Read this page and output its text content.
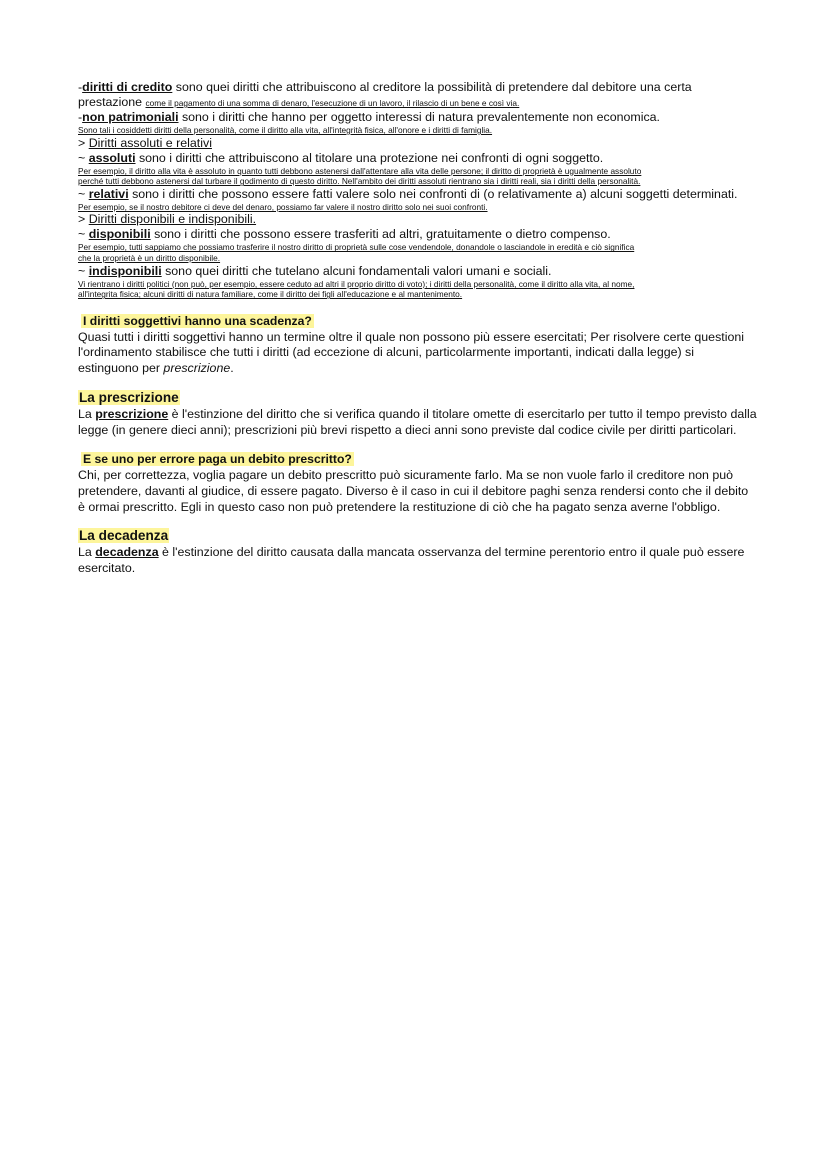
-diritti di credito sono quei diritti che attribuiscono al creditore la possibilità di pretendere dal debitore una certa

prestazione come il pagamento di una somma di denaro, l'esecuzione di un lavoro, il rilascio di un bene e così via.

-non patrimoniali sono i diritti che hanno per oggetto interessi di natura prevalentemente non economica.

Sono tali i cosiddetti diritti della personalità, come il diritto alla vita, all'integrità fisica, all'onore e i diritti di famiglia.

> Diritti assoluti e relativi

~ assoluti sono i diritti che attribuiscono al titolare una protezione nei confronti di ogni soggetto.

Per esempio, il diritto alla vita è assoluto in quanto tutti debbono astenersi dall'attentare alla vita delle persone; il diritto di proprietà è ugualmente assoluto

perché tutti debbono astenersi dal turbare il godimento di questo diritto. Nell'ambito dei diritti assoluti rientrano sia i diritti reali, sia i diritti della personalità.

~ relativi sono i diritti che possono essere fatti valere solo nei confronti di (o relativamente a) alcuni soggetti determinati.

Per esempio, se il nostro debitore ci deve del denaro, possiamo far valere il nostro diritto solo nei suoi confronti.

> Diritti disponibili e indisponibili.

~ disponibili sono i diritti che possono essere trasferiti ad altri, gratuitamente o dietro compenso.

Per esempio, tutti sappiamo che possiamo trasferire il nostro diritto di proprietà sulle cose vendendole, donandole o lasciandole in eredità e ciò significa

che la proprietà è un diritto disponibile.

~ indisponibili sono quei diritti che tutelano alcuni fondamentali valori umani e sociali.

Vi rientrano i diritti politici (non può, per esempio, essere ceduto ad altri il proprio diritto di voto); i diritti della personalità, come il diritto alla vita, al nome,

all'integrita fisica; alcuni diritti di natura familiare, come il diritto dei figli all'educazione e al mantenimento.

I diritti soggettivi hanno una scadenza?

Quasi tutti i diritti soggettivi hanno un termine oltre il quale non possono più essere esercitati; Per risolvere certe questioni l'ordinamento stabilisce che tutti i diritti (ad eccezione di alcuni, particolarmente importanti, indicati dalla legge) si estinguono per prescrizione.

La prescrizione

La prescrizione è l'estinzione del diritto che si verifica quando il titolare omette di esercitarlo per tutto il tempo previsto dalla legge (in genere dieci anni); prescrizioni più brevi rispetto a dieci anni sono previste dal codice civile per diritti particolari.

E se uno per errore paga un debito prescritto?

Chi, per correttezza, voglia pagare un debito prescritto può sicuramente farlo. Ma se non vuole farlo il creditore non può pretendere, davanti al giudice, di essere pagato. Diverso è il caso in cui il debitore paghi senza rendersi conto che il debito è ormai prescritto. Egli in questo caso non può pretendere la restituzione di ciò che ha pagato senza averne l'obbligo.

La decadenza

La decadenza è l'estinzione del diritto causata dalla mancata osservanza del termine perentorio entro il quale può essere esercitato.
